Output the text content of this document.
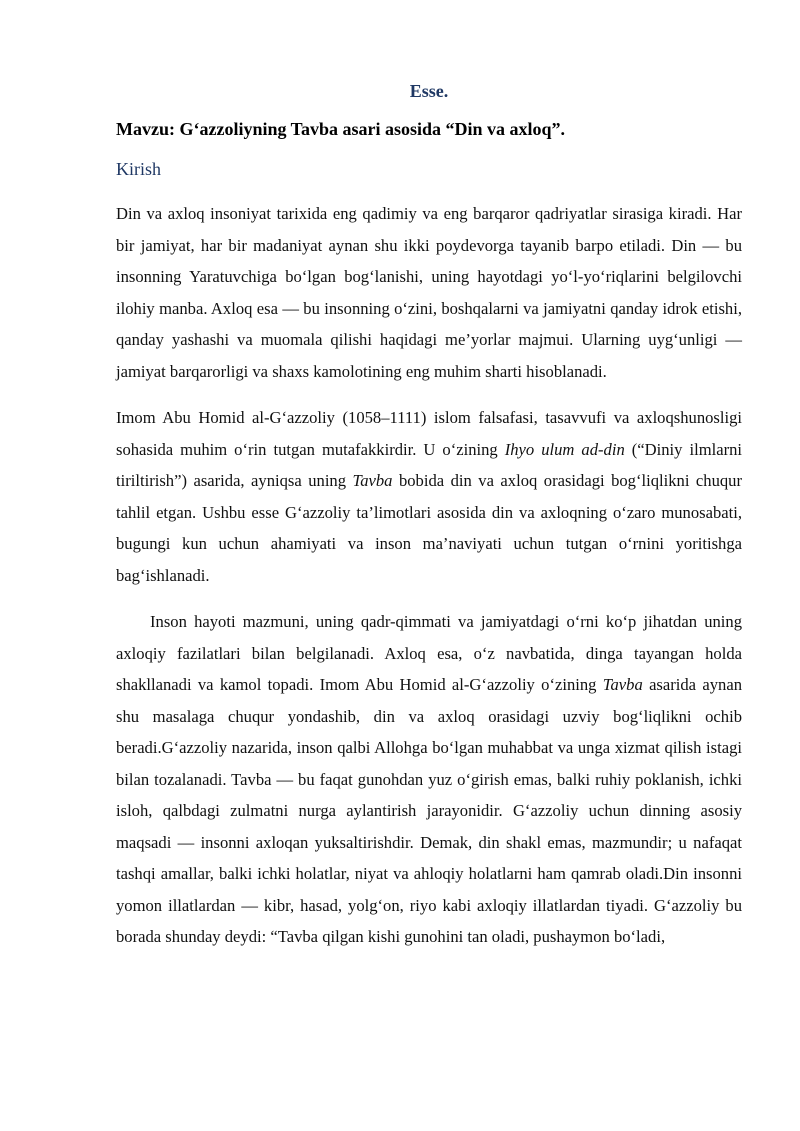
Esse.
Mavzu: G‘azzoliyning Tavba asari asosida “Din va axloq”.
Kirish

Din va axloq insoniyat tarixida eng qadimiy va eng barqaror qadriyatlar sirasiga kiradi. Har bir jamiyat, har bir madaniyat aynan shu ikki poydevorga tayanib barpo etiladi. Din — bu insonning Yaratuvchiga bo‘lgan bog‘lanishi, uning hayotdagi yo‘l-yo‘riqlarini belgilovchi ilohiy manba. Axloq esa — bu insonning o‘zini, boshqalarni va jamiyatni qanday idrok etishi, qanday yashashi va muomala qilishi haqidagi me’yorlar majmui. Ularning uyg‘unligi — jamiyat barqarorligi va shaxs kamolotining eng muhim sharti hisoblanadi.

Imom Abu Homid al-G‘azzoliy (1058–1111) islom falsafasi, tasavvufi va axloqshunosligi sohasida muhim o‘rin tutgan mutafakkirdir. U o‘zining Ihyo ulum ad-din (“Diniy ilmlarni tiriltirish”) asarida, ayniqsa uning Tavba bobida din va axloq orasidagi bog‘liqlikni chuqur tahlil etgan. Ushbu esse G‘azzoliy ta’limotlari asosida din va axloqning o‘zaro munosabati, bugungi kun uchun ahamiyati va inson ma’naviyati uchun tutgan o‘rnini yoritishga bag‘ishlanadi.

Inson hayoti mazmuni, uning qadr-qimmati va jamiyatdagi o‘rni ko‘p jihatdan uning axloqiy fazilatlari bilan belgilanadi. Axloq esa, o‘z navbatida, dinga tayangan holda shakllanadi va kamol topadi. Imom Abu Homid al-G‘azzoliy o‘zining Tavba asarida aynan shu masalaga chuqur yondashib, din va axloq orasidagi uzviy bog‘liqlikni ochib beradi.G‘azzoliy nazarida, inson qalbi Allohga bo‘lgan muhabbat va unga xizmat qilish istagi bilan tozalanadi. Tavba — bu faqat gunohdan yuz o‘girish emas, balki ruhiy poklanish, ichki isloh, qalbdagi zulmatni nurga aylantirish jarayonidir. G‘azzoliy uchun dinning asosiy maqsadi — insonni axloqan yuksaltirishdir. Demak, din shakl emas, mazmundir; u nafaqat tashqi amallar, balki ichki holatlar, niyat va ahloqiy holatlarni ham qamrab oladi.Din insonni yomon illatlardan — kibr, hasad, yolg‘on, riyo kabi axloqiy illatlardan tiyadi. G‘azzoliy bu borada shunday deydi: “Tavba qilgan kishi gunohini tan oladi, pushaymon bo‘ladi,
